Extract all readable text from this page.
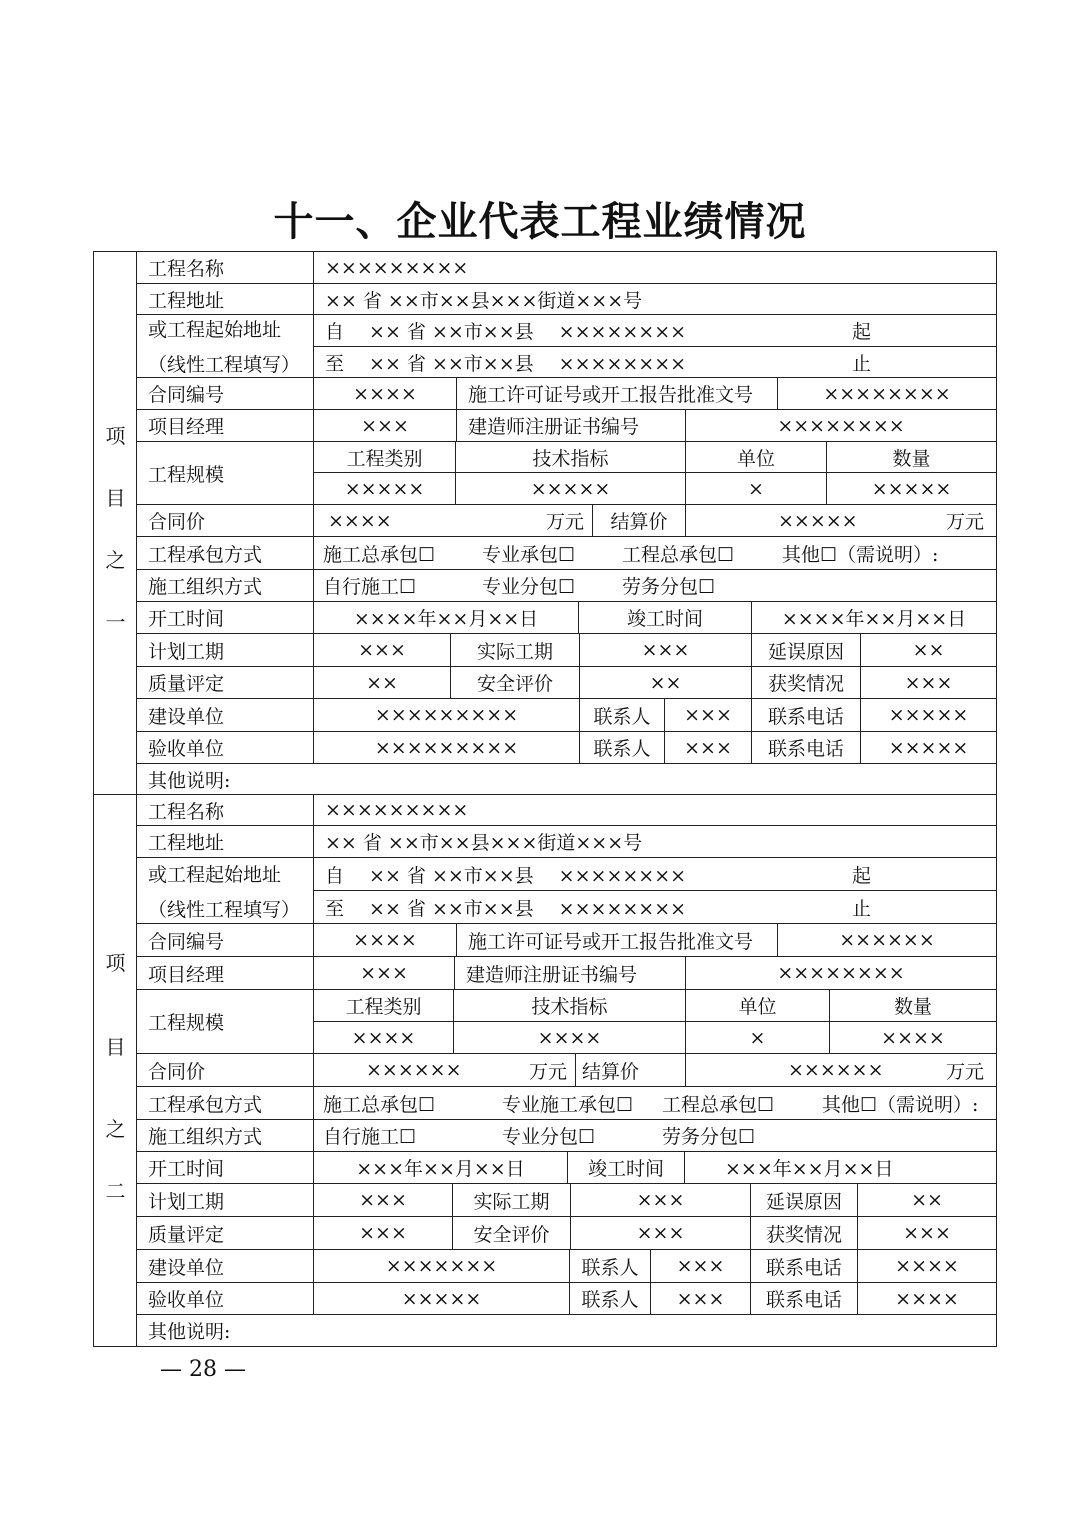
十一、企业代表工程业绩情况
项
目
之
一
工程名称	×××××××××
工程地址	×× 省 ××市××县×××街道×××号
或工程起始地址
（线性工程填写）
自　 ×× 省 ××市××县　 ××××××××	起
至　 ×× 省 ××市××县　 ××××××××	止
合同编号	××××	施工许可证号或开工报告批准文号	××××××××
项目经理	×××	建造师注册证书编号	××××××××
工程规模
工程类别	技术指标	单位	数量
×××××	×××××	×	×××××
合同价	××××	万元	结算价	×××××	万元
工程承包方式	施工总承包☐ 专业承包☐ 工程总承包☐	其他☐（需说明）:
施工组织方式	自行施工☐	专业分包☐ 劳务分包☐
开工时间	××××年××月××日	竣工时间	××××年××月××日
计划工期	×××	实际工期	×××	延误原因	××
质量评定	××	安全评价	××	获奖情况	×××
建设单位	×××××××××	联系人	×××	联系电话	×××××
验收单位	×××××××××	联系人	×××	联系电话	×××××
其他说明:
项
目
之
二
工程名称	×××××××××
工程地址	×× 省 ××市××县×××街道×××号
或工程起始地址
（线性工程填写）
自　 ×× 省 ××市××县　 ××××××××	起
至　 ×× 省 ××市××县　 ××××××××	止
合同编号	××××	施工许可证号或开工报告批准文号	××××××
项目经理	×××	建造师注册证书编号	××××××××
工程规模
工程类别	技术指标	单位	数量
××××	××××	×	××××
合同价	××××××	万元 结算价	××××××	万元
工程承包方式	施工总承包☐	专业施工承包☐ 工程总承包☐	其他☐（需说明）:
施工组织方式	自行施工☐	专业分包☐	劳务分包☐
开工时间	×××年××月××日	竣工时间	×××年××月××日
计划工期	×××	实际工期	×××	延误原因	××
质量评定	×××	安全评价	×××	获奖情况	×××
建设单位	×××××××	联系人	×××	联系电话	××××
验收单位	×××××	联系人	×××	联系电话	××××
其他说明:
— 28 —
